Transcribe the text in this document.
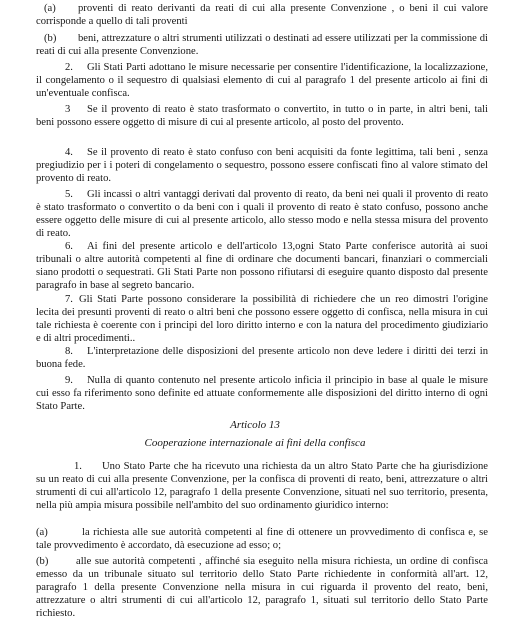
(a) proventi di reato derivanti da reati di cui alla presente Convenzione , o beni il cui valore corrisponde a quello di tali proventi
(b) beni, attrezzature o altri strumenti utilizzati o destinati ad essere utilizzati per la commissione di reati di cui alla presente Convenzione.
2. Gli Stati Parti adottano le misure necessarie per consentire l'identificazione, la localizzazione, il congelamento o il sequestro di qualsiasi elemento di cui al paragrafo 1 del presente articolo ai fini di un'eventuale confisca.
3 Se il provento di reato è stato trasformato o convertito, in tutto o in parte, in altri beni, tali beni possono essere oggetto di misure di cui al presente articolo, al posto del provento.
4. Se il provento di reato è stato confuso con beni acquisiti da fonte legittima, tali beni , senza pregiudizio per i i poteri di congelamento o sequestro, possono essere confiscati fino al valore stimato del provento di reato.
5. Gli incassi o altri vantaggi derivati dal provento di reato, da beni nei quali il provento di reato è stato trasformato o convertito o da beni con i quali il provento di reato è stato confuso, possono anche essere oggetto delle misure di cui al presente articolo, allo stesso modo e nella stessa misura del provento di reato.
6. Ai fini del presente articolo e dell'articolo 13,ogni Stato Parte conferisce autorità ai suoi tribunali o altre autorità competenti al fine di ordinare che documenti bancari, finanziari o commerciali siano prodotti o sequestrati. Gli Stati Parte non possono rifiutarsi di eseguire quanto disposto dal presente paragrafo in base al segreto bancario.
7. Gli Stati Parte possono considerare la possibilità di richiedere che un reo dimostri l'origine lecita dei presunti proventi di reato o altri beni che possono essere oggetto di confisca, nella misura in cui tale richiesta è coerente con i principi del loro diritto interno e con la natura del procedimento giudiziario e di altri procedimenti..
8. L'interpretazione delle disposizioni del presente articolo non deve ledere i diritti dei terzi in buona fede.
9. Nulla di quanto contenuto nel presente articolo inficia il principio in base al quale le misure cui esso fa riferimento sono definite ed attuate conformemente alle disposizioni del diritto interno di ogni Stato Parte.
Articolo 13
Cooperazione internazionale ai fini della confisca
1. Uno Stato Parte che ha ricevuto una richiesta da un altro Stato Parte che ha giurisdizione su un reato di cui alla presente Convenzione, per la confisca di proventi di reato, beni, attrezzature o altri strumenti di cui all'articolo 12, paragrafo 1 della presente Convenzione, situati nel suo territorio, presenta, nella più ampia misura possibile nell'ambito del suo ordinamento giuridico interno:
(a)	la richiesta alle sue autorità competenti al fine di ottenere un provvedimento di confisca e, se tale provvedimento è accordato, dà esecuzione ad esso; o;
(b)	alle sue autorità competenti , affinché sia eseguito nella misura richiesta, un ordine di confisca emesso da un tribunale situato sul territorio dello Stato Parte richiedente in conformità all'art. 12, paragrafo 1 della presente Convenzione nella misura in cui riguarda il provento del reato, beni, attrezzature o altri strumenti di cui all'articolo 12, paragrafo 1, situati sul territorio dello Stato Parte richiesto.
